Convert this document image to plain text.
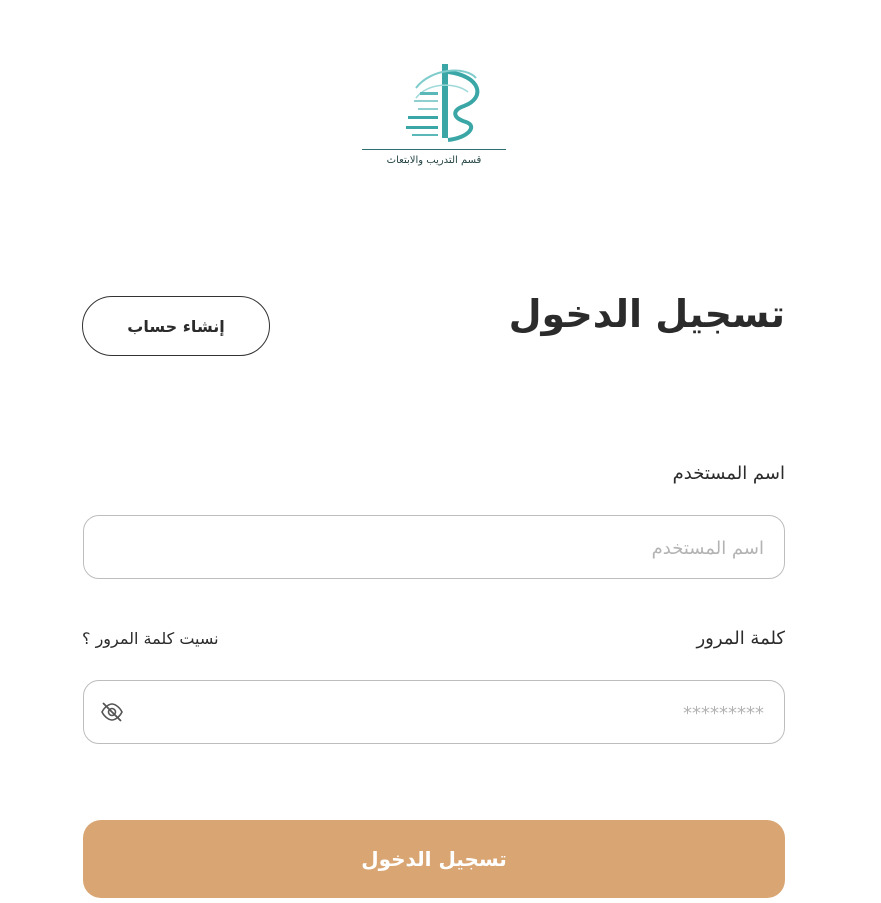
قسم التدريب والابتعاث
تسجيل الدخول
إنشاء حساب
اسم المستخدم
اسم المستخدم
كلمة المرور
نسيت كلمة المرور ؟
تسجيل الدخول
